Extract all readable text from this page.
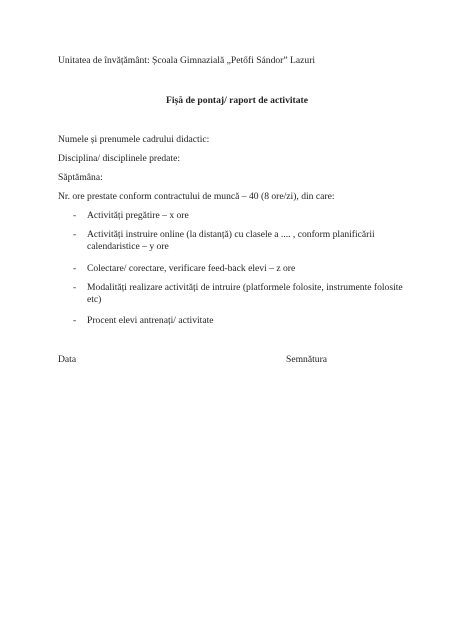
Unitatea de învățământ: Școala Gimnazială „Petőfi Sándor” Lazuri
Fișă de pontaj/ raport de activitate
Numele și prenumele cadrului didactic:
Disciplina/ disciplinele predate:
Săptămâna:
Nr. ore prestate conform contractului de muncă – 40 (8 ore/zi), din care:
- Activități pregătire – x ore
- Activități instruire online (la distanță) cu clasele a .... , conform planificării calendaristice – y ore
- Colectare/ corectare, verificare feed-back elevi – z ore
- Modalități realizare activități de intruire (platformele folosite, instrumente folosite etc)
- Procent elevi antrenați/ activitate
Data	Semnătura
